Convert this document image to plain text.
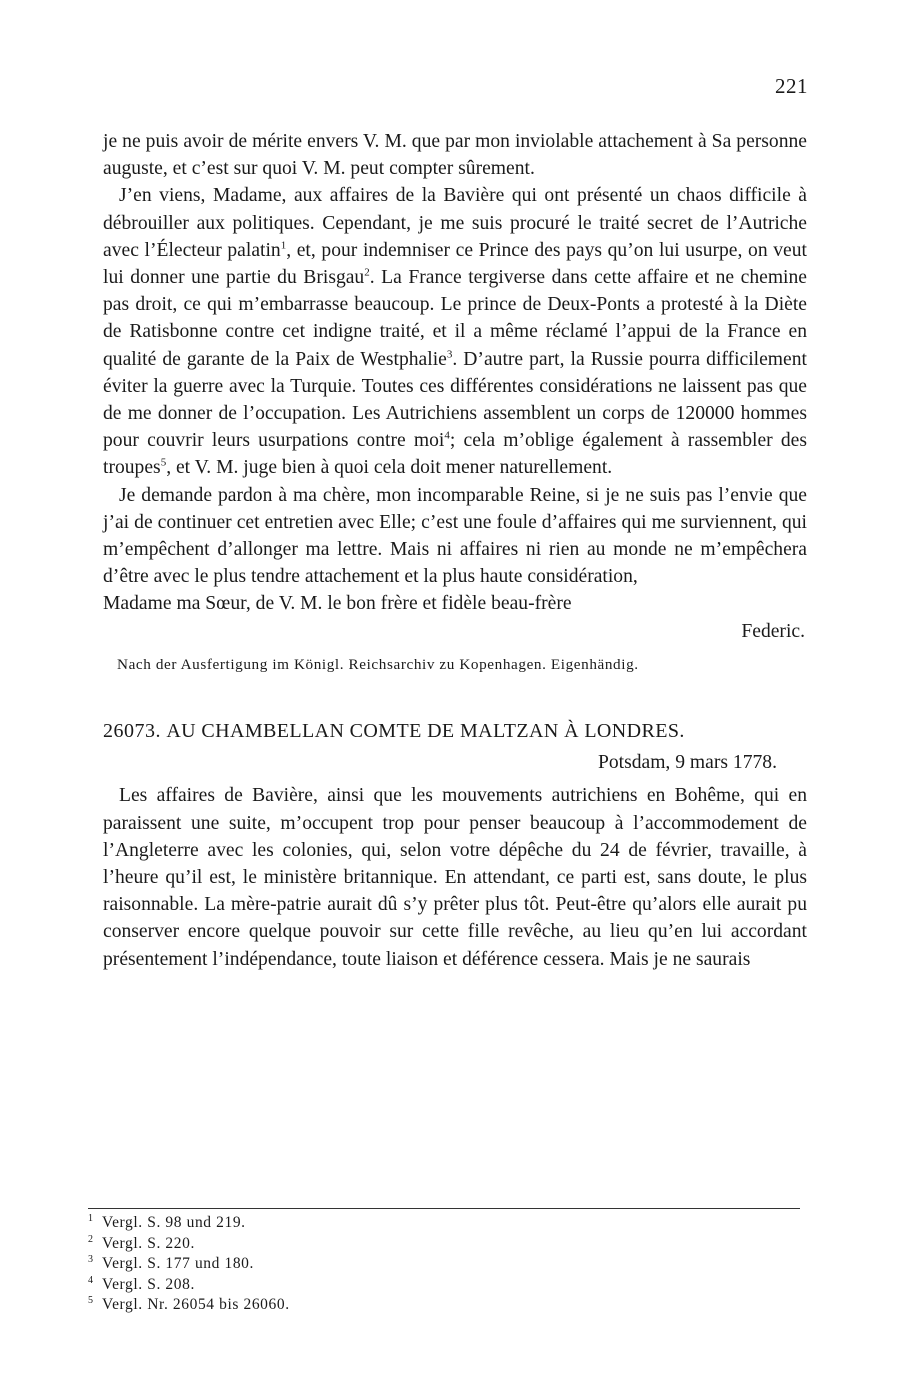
221

je ne puis avoir de mérite envers V. M. que par mon inviolable attachement à Sa personne auguste, et c’est sur quoi V. M. peut compter sûrement.

J’en viens, Madame, aux affaires de la Bavière qui ont présenté un chaos difficile à débrouiller aux politiques. Cependant, je me suis procuré le traité secret de l’Autriche avec l’Électeur palatin$^1$, et, pour indemniser ce Prince des pays qu’on lui usurpe, on veut lui donner une partie du Brisgau$^2$. La France tergiverse dans cette affaire et ne chemine pas droit, ce qui m’embarrasse beaucoup. Le prince de Deux-Ponts a protesté à la Diète de Ratisbonne contre cet indigne traité, et il a même réclamé l’appui de la France en qualité de garante de la Paix de Westphalie$^3$. D’autre part, la Russie pourra difficilement éviter la guerre avec la Turquie. Toutes ces différentes considérations ne laissent pas que de me donner de l’occupation. Les Autrichiens assemblent un corps de 120000 hommes pour couvrir leurs usurpations contre moi$^4$; cela m’oblige également à rassembler des troupes$^5$, et V. M. juge bien à quoi cela doit mener naturellement.

Je demande pardon à ma chère, mon incomparable Reine, si je ne suis pas l’envie que j’ai de continuer cet entretien avec Elle; c’est une foule d’affaires qui me surviennent, qui m’empêchent d’allonger ma lettre. Mais ni affaires ni rien au monde ne m’empêchera d’être avec le plus tendre attachement et la plus haute considération,

Madame ma Sœur, de V. M. le bon frère et fidèle beau-frère

Federic.

Nach der Ausfertigung im Königl. Reichsarchiv zu Kopenhagen. Eigenhändig.

26073. AU CHAMBELLAN COMTE DE MALTZAN À LONDRES.

Potsdam, 9 mars 1778.

Les affaires de Bavière, ainsi que les mouvements autrichiens en Bohême, qui en paraissent une suite, m’occupent trop pour penser beaucoup à l’accommodement de l’Angleterre avec les colonies, qui, selon votre dépêche du 24 de février, travaille, à l’heure qu’il est, le ministère britannique. En attendant, ce parti est, sans doute, le plus raisonnable. La mère-patrie aurait dû s’y prêter plus tôt. Peut-être qu’alors elle aurait pu conserver encore quelque pouvoir sur cette fille revêche, au lieu qu’en lui accordant présentement l’indépendance, toute liaison et déférence cessera. Mais je ne saurais

1 Vergl. S. 98 und 219.
2 Vergl. S. 220.
3 Vergl. S. 177 und 180.
4 Vergl. S. 208.
5 Vergl. Nr. 26054 bis 26060.
